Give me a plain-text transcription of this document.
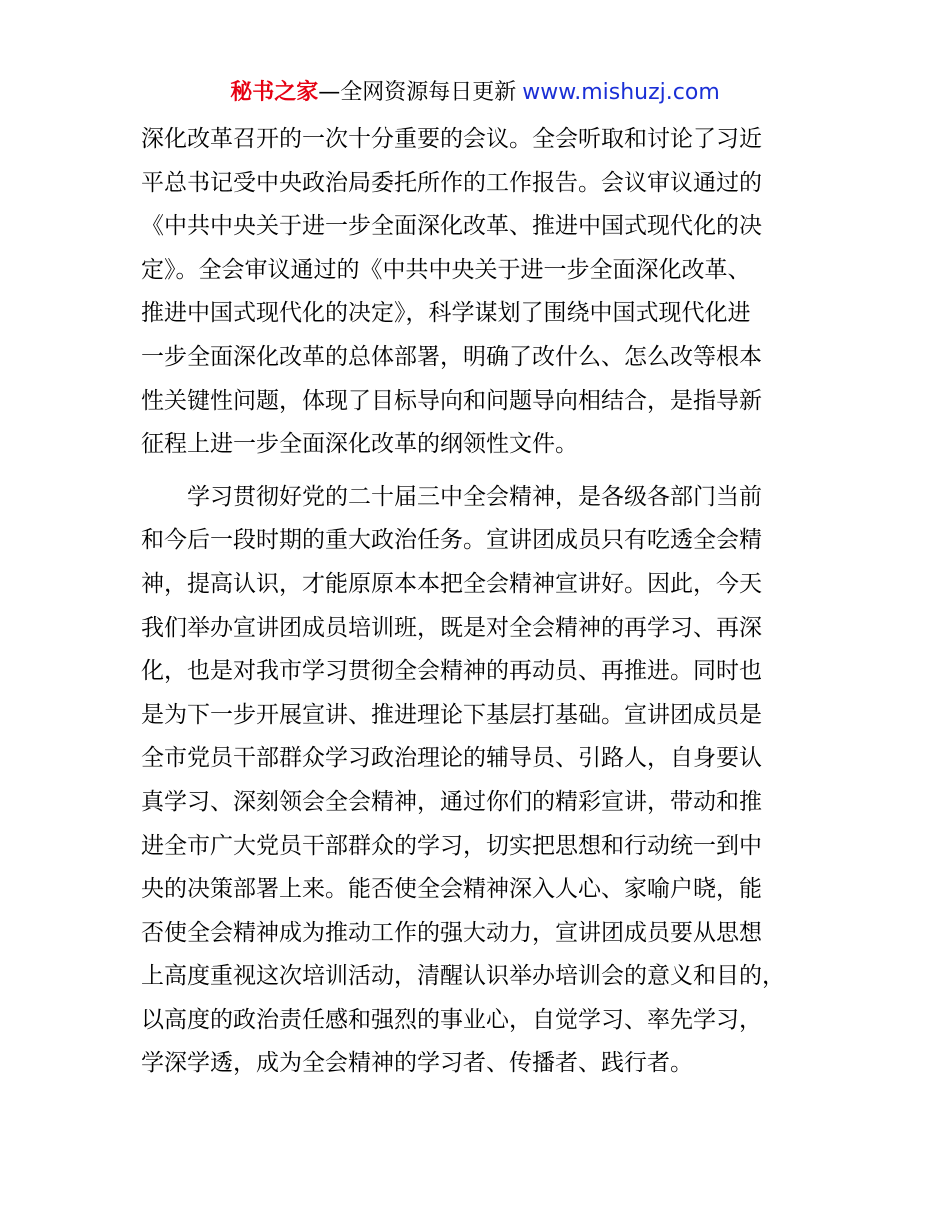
秘书之家—全网资源每日更新 www.mishuzj.com
深化改革召开的一次十分重要的会议。全会听取和讨论了习近
平总书记受中央政治局委托所作的工作报告。会议审议通过的
《中共中央关于进一步全面深化改革、推进中国式现代化的决
定》。全会审议通过的《中共中央关于进一步全面深化改革、
推进中国式现代化的决定》，科学谋划了围绕中国式现代化进
一步全面深化改革的总体部署，明确了改什么、怎么改等根本
性关键性问题，体现了目标导向和问题导向相结合，是指导新
征程上进一步全面深化改革的纲领性文件。
　　学习贯彻好党的二十届三中全会精神，是各级各部门当前
和今后一段时期的重大政治任务。宣讲团成员只有吃透全会精
神，提高认识，才能原原本本把全会精神宣讲好。因此，今天
我们举办宣讲团成员培训班，既是对全会精神的再学习、再深
化，也是对我市学习贯彻全会精神的再动员、再推进。同时也
是为下一步开展宣讲、推进理论下基层打基础。宣讲团成员是
全市党员干部群众学习政治理论的辅导员、引路人，自身要认
真学习、深刻领会全会精神，通过你们的精彩宣讲，带动和推
进全市广大党员干部群众的学习，切实把思想和行动统一到中
央的决策部署上来。能否使全会精神深入人心、家喻户晓，能
否使全会精神成为推动工作的强大动力，宣讲团成员要从思想
上高度重视这次培训活动，清醒认识举办培训会的意义和目的，
以高度的政治责任感和强烈的事业心，自觉学习、率先学习，
学深学透，成为全会精神的学习者、传播者、践行者。
